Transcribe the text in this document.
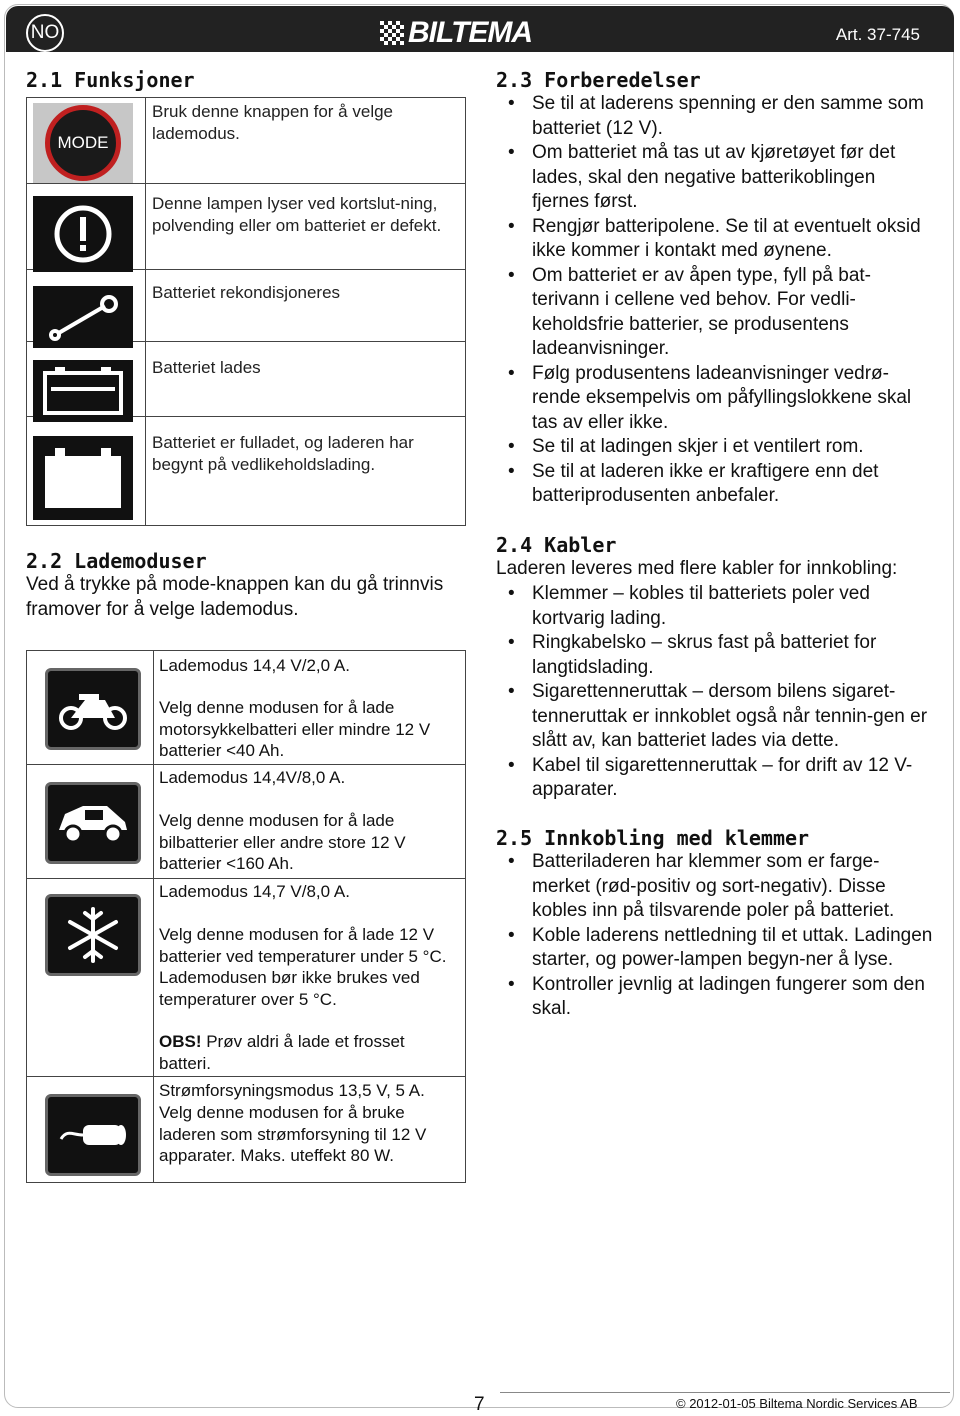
NO	BILTEMA	Art. 37-745
2.1 Funksjoner

MODE
Bruk denne knappen for å velge lademodus.
Denne lampen lyser ved kortslut-ning, polvending eller om batteriet er defekt.
Batteriet rekondisjoneres
Batteriet lades
Batteriet er fulladet, og laderen har begynt på vedlikeholdslading.
2.2 Lademoduser

Ved å trykke på mode-knappen kan du gå trinnvis framover for å velge lademodus.

Lademodus 14,4 V/2,0 A.
Velg denne modusen for å lade motorsykkelbatteri eller mindre 12 V batterier <40 Ah.
Lademodus 14,4V/8,0 A.
Velg denne modusen for å lade bilbatterier eller andre store 12 V batterier <160 Ah.
Lademodus 14,7 V/8,0 A.
Velg denne modusen for å lade 12 V batterier ved temperaturer under 5 °C. Lademodusen bør ikke brukes ved temperaturer over 5 °C.
OBS! Prøv aldri å lade et frosset batteri.
Strømforsyningsmodus 13,5 V, 5 A.
Velg denne modusen for å bruke laderen som strømforsyning til 12 V apparater. Maks. uteffekt 80 W.
2.3 Forberedelser
• Se til at laderens spenning er den samme som batteriet (12 V).
• Om batteriet må tas ut av kjøretøyet før det lades, skal den negative batterikoblingen fjernes først.
• Rengjør batteripolene. Se til at eventuelt oksid ikke kommer i kontakt med øynene.
• Om batteriet er av åpen type, fyll på bat-terivann i cellene ved behov. For vedli-keholdsfrie batterier, se produsentens ladeanvisninger.
• Følg produsentens ladeanvisninger vedrø-rende eksempelvis om påfyllingslokkene skal tas av eller ikke.
• Se til at ladingen skjer i et ventilert rom.
• Se til at laderen ikke er kraftigere enn det batteriprodusenten anbefaler.
2.4 Kabler

Laderen leveres med flere kabler for innkobling:

• Klemmer – kobles til batteriets poler ved kortvarig lading.
• Ringkabelsko – skrus fast på batteriet for langtidslading.
• Sigarettenneruttak – dersom bilens sigaret-tenneruttak er innkoblet også når tennin-gen er slått av, kan batteriet lades via dette.
• Kabel til sigarettenneruttak – for drift av 12 V-apparater.
2.5 Innkobling med klemmer
• Batteriladeren har klemmer som er farge-merket (rød-positiv og sort-negativ). Disse kobles inn på tilsvarende poler på batteriet.
• Koble laderens nettledning til et uttak. Ladingen starter, og power-lampen begyn-ner å lyse.
• Kontroller jevnlig at ladingen fungerer som den skal.
7	© 2012-01-05 Biltema Nordic Services AB
